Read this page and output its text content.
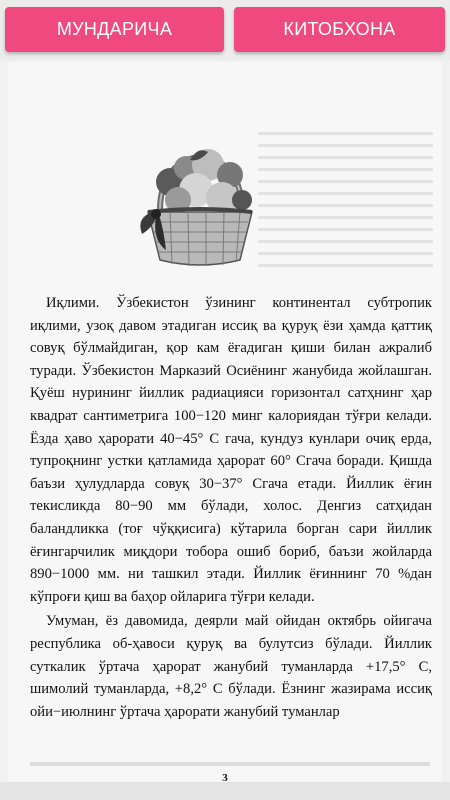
МУНДАРИЧА	КИТОБХОНА

Иқлими. Ўзбекистон ўзининг континентал субтропик иқлими, узоқ давом этадиган иссиқ ва қуруқ ёзи ҳамда қаттиқ совуқ бўлмайдиган, қор кам ёғадиган қиши билан ажралиб туради. Ўзбекистон Марказий Осиёнинг жанубида жойлашган. Қуёш нурининг йиллик радиацияси горизонтал сатҳнинг ҳар квадрат сантиметрига 100−120 минг калориядан тўғри келади. Ёзда ҳаво ҳарорати 40−45° С гача, кундуз кунлари очиқ ерда, тупроқнинг устки қатламида ҳарорат 60° Сгача боради. Қишда баъзи ҳулудларда совуқ 30−37° Сгача етади. Йиллик ёғин текисликда 80−90 мм бўлади, холос. Денгиз сатҳидан баландликка (тоғ чўққисига) кўтарила борган сари йиллик ёғингарчилик миқдори тобора ошиб бориб, баъзи жойларда 890−1000 мм. ни ташкил этади. Йиллик ёғиннинг 70 %дан кўпроғи қиш ва баҳор ойларига тўғри келади.

Умуман, ёз давомида, деярли май ойидан октябрь ойигача республика об-ҳавоси қуруқ ва булутсиз бўлади. Йиллик суткалик ўртача ҳарорат жанубий туманларда +17,5° С, шимолий туманларда, +8,2° С бўлади. Ёзнинг жазирама иссиқ ойи−июлнинг ўртача ҳарорати жанубий туманлар

3
